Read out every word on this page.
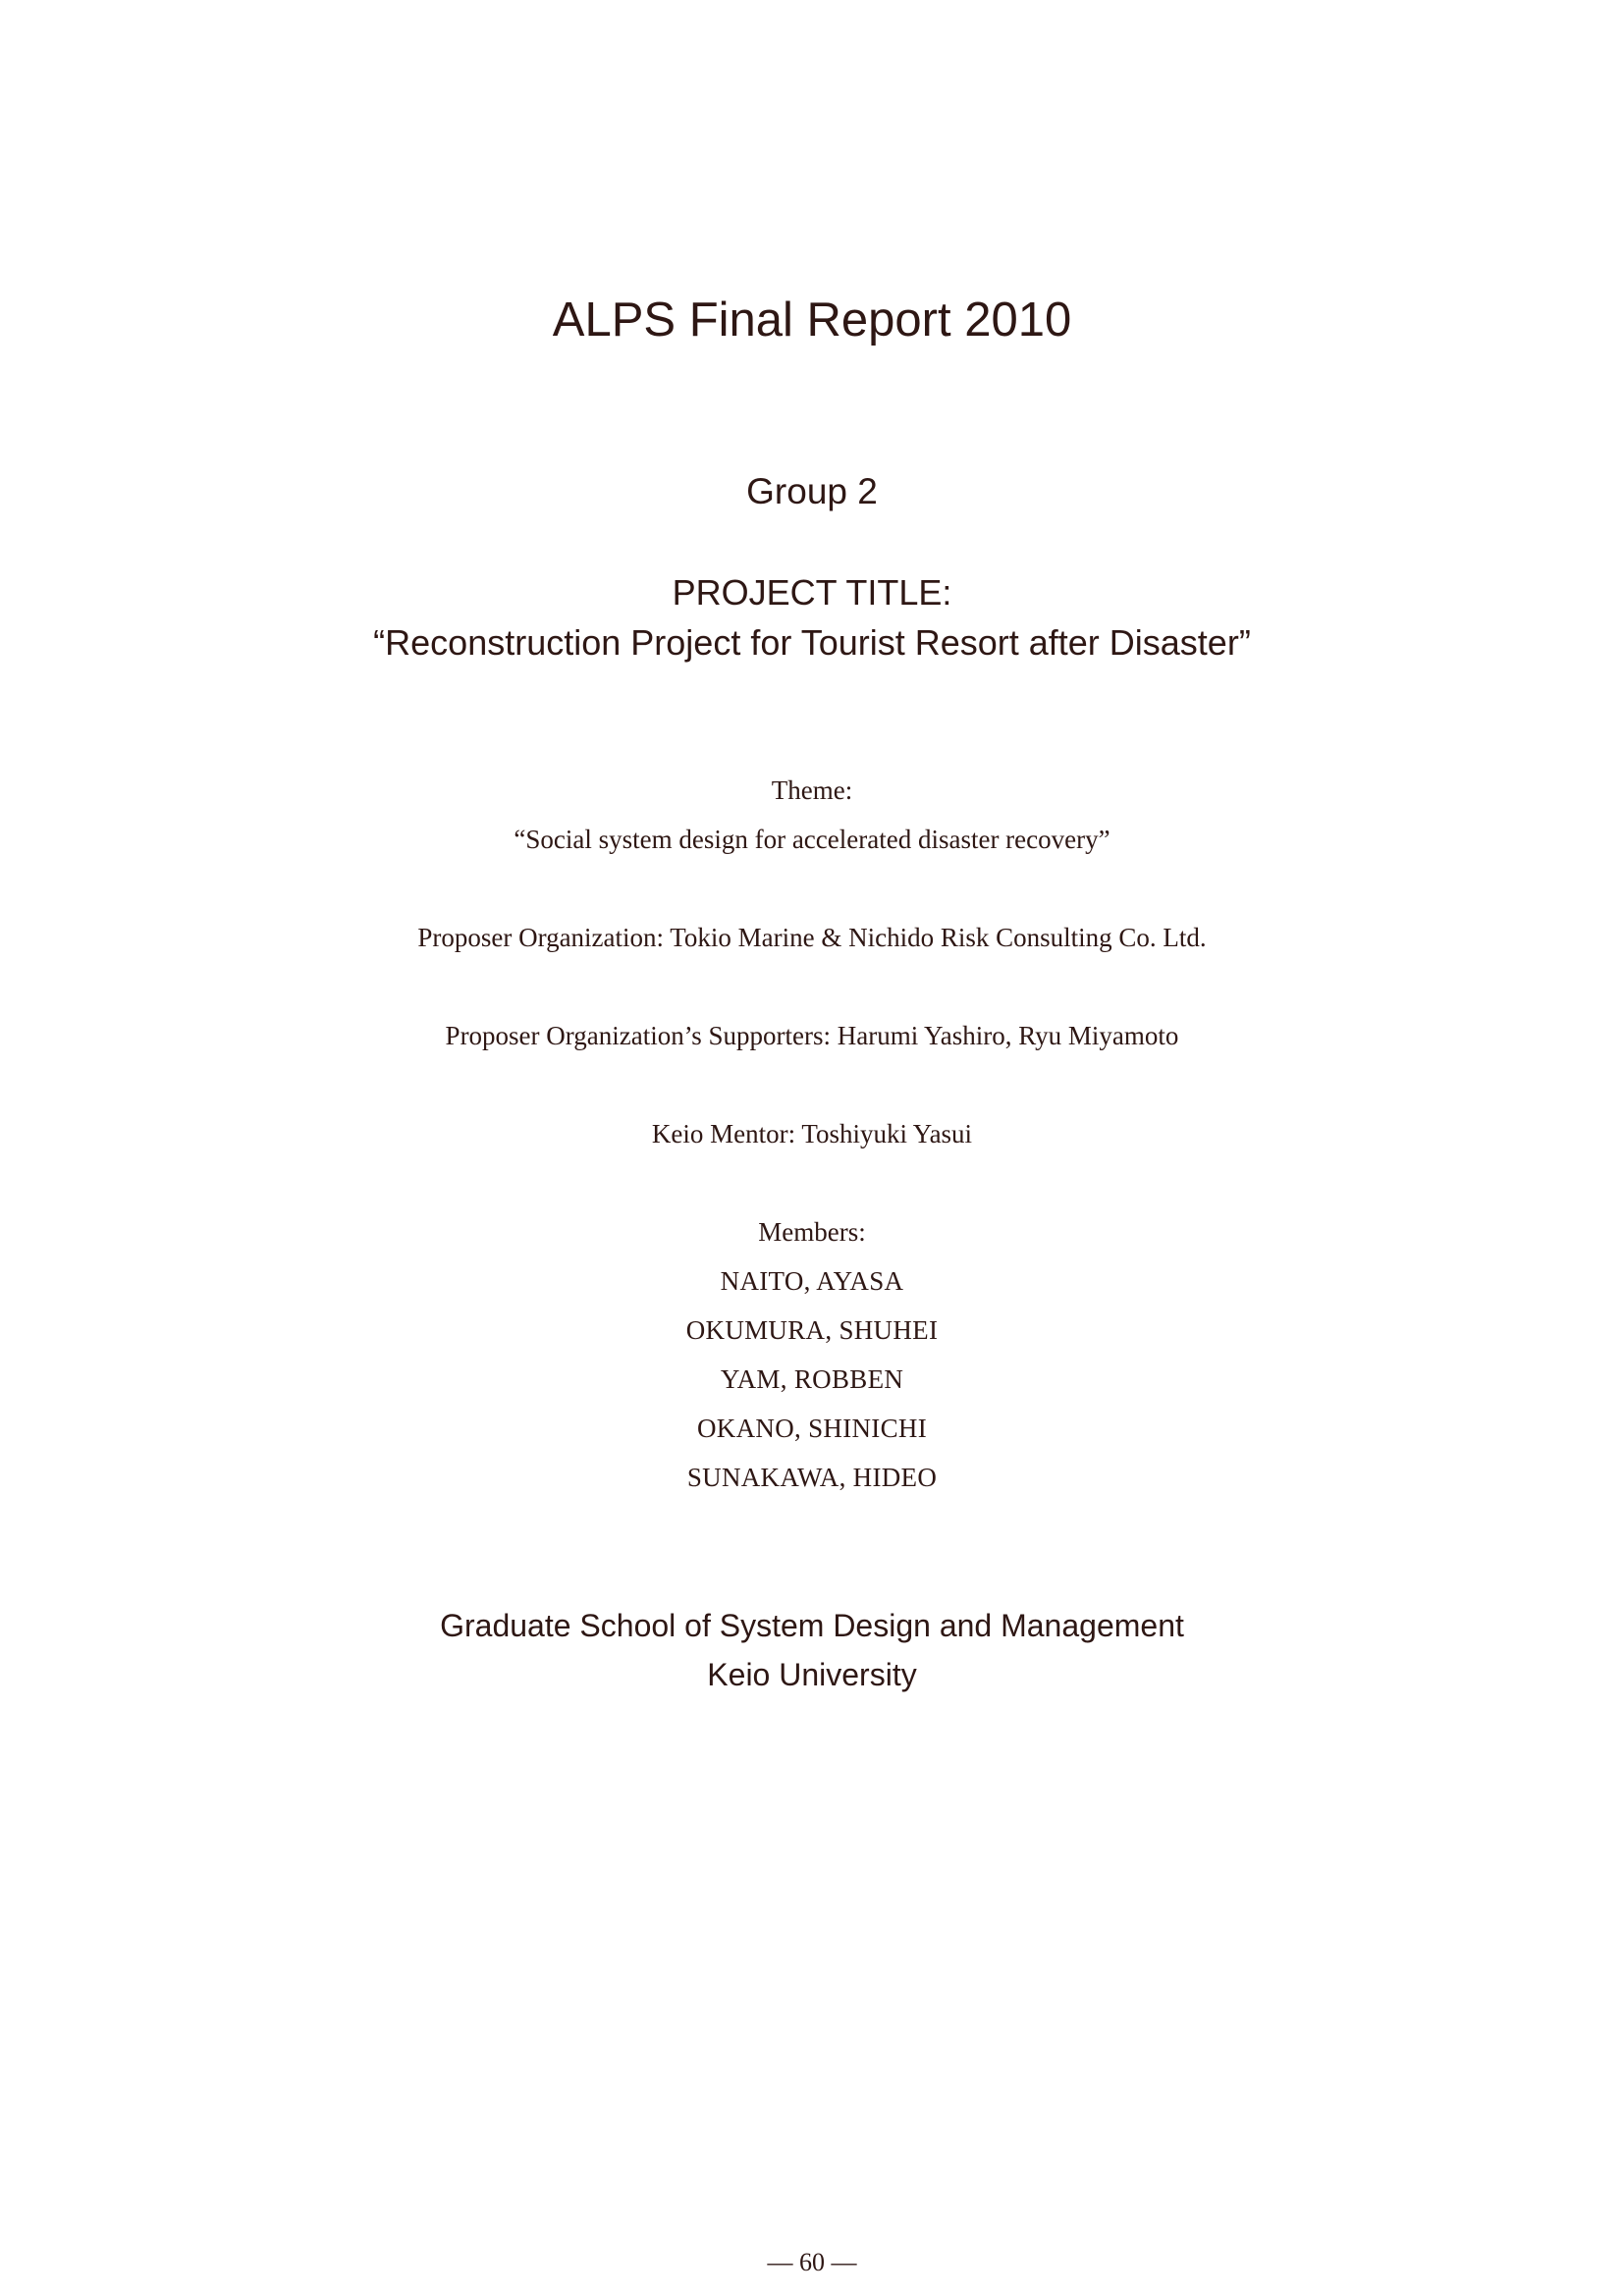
ALPS Final Report 2010
Group 2
PROJECT TITLE:
“Reconstruction Project for Tourist Resort after Disaster”
Theme:
“Social system design for accelerated disaster recovery”
Proposer Organization: Tokio Marine & Nichido Risk Consulting Co. Ltd.
Proposer Organization’s Supporters: Harumi Yashiro, Ryu Miyamoto
Keio Mentor: Toshiyuki Yasui
Members:
NAITO, AYASA
OKUMURA, SHUHEI
YAM, ROBBEN
OKANO, SHINICHI
SUNAKAWA, HIDEO
Graduate School of System Design and Management
Keio University
— 60 —
